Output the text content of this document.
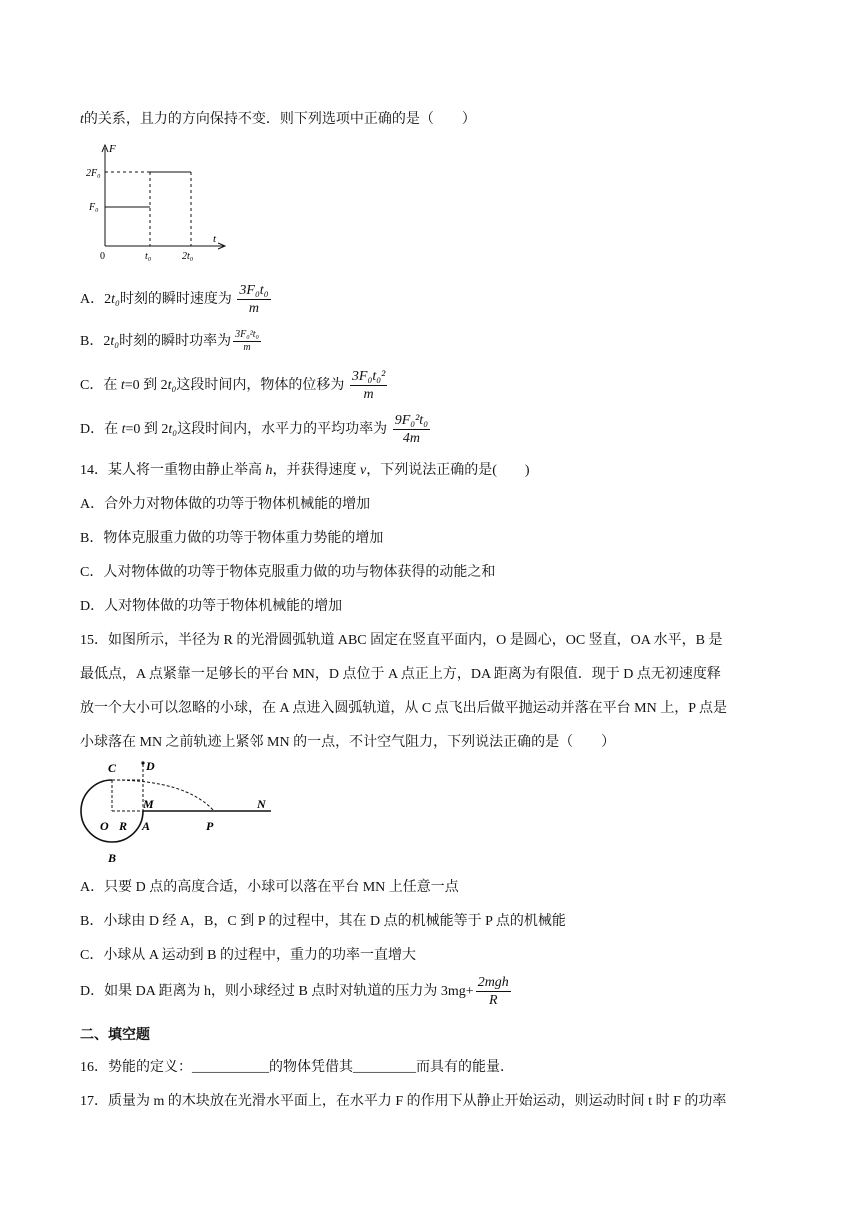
t的关系，且力的方向保持不变．则下列选项中正确的是（　　）
F
t
2F₀
F₀
0	t₀	2t₀
A．2t₀时刻的瞬时速度为 $\frac{\text{3F₀t₀}}{m}$
B．2t₀时刻的瞬时功率为 $\frac{\text{3F₀²t₀}}{m}$
C．在 t=0 到 2t₀这段时间内，物体的位移为 $\frac{\text{3F₀t₀²}}{m}$
D．在 t=0 到 2t₀这段时间内，水平力的平均功率为 $\frac{\text{9F₀²t₀}}{4m}$
14．某人将一重物由静止举高 h，并获得速度 v，下列说法正确的是(　　)
A．合外力对物体做的功等于物体机械能的增加
B．物体克服重力做的功等于物体重力势能的增加
C．人对物体做的功等于物体克服重力做的功与物体获得的动能之和
D．人对物体做的功等于物体机械能的增加
15．如图所示，半径为 R 的光滑圆弧轨道 ABC 固定在竖直平面内，O 是圆心，OC 竖直，OA 水平，B 是
最低点，A 点紧靠一足够长的平台 MN，D 点位于 A 点正上方，DA 距离为有限值．现于 D 点无初速度释
放一个大小可以忽略的小球，在 A 点进入圆弧轨道，从 C 点飞出后做平抛运动并落在平台 MN 上，P 点是
小球落在 MN 之前轨迹上紧邻 MN 的一点，不计空气阻力，下列说法正确的是（　　）
C D
O R
M
A	P
N
B
A．只要 D 点的高度合适，小球可以落在平台 MN 上任意一点
B．小球由 D 经 A，B，C 到 P 的过程中，其在 D 点的机械能等于 P 点的机械能
C．小球从 A 运动到 B 的过程中，重力的功率一直增大
D．如果 DA 距离为 h，则小球经过 B 点时对轨道的压力为 $3mg+ \frac{\text{2mgh}}{R}$
二、填空题
16．势能的定义：___________的物体凭借其_________而具有的能量．
17．质量为 m 的木块放在光滑水平面上，在水平力 F 的作用下从静止开始运动，则运动时间 t 时 F 的功率
